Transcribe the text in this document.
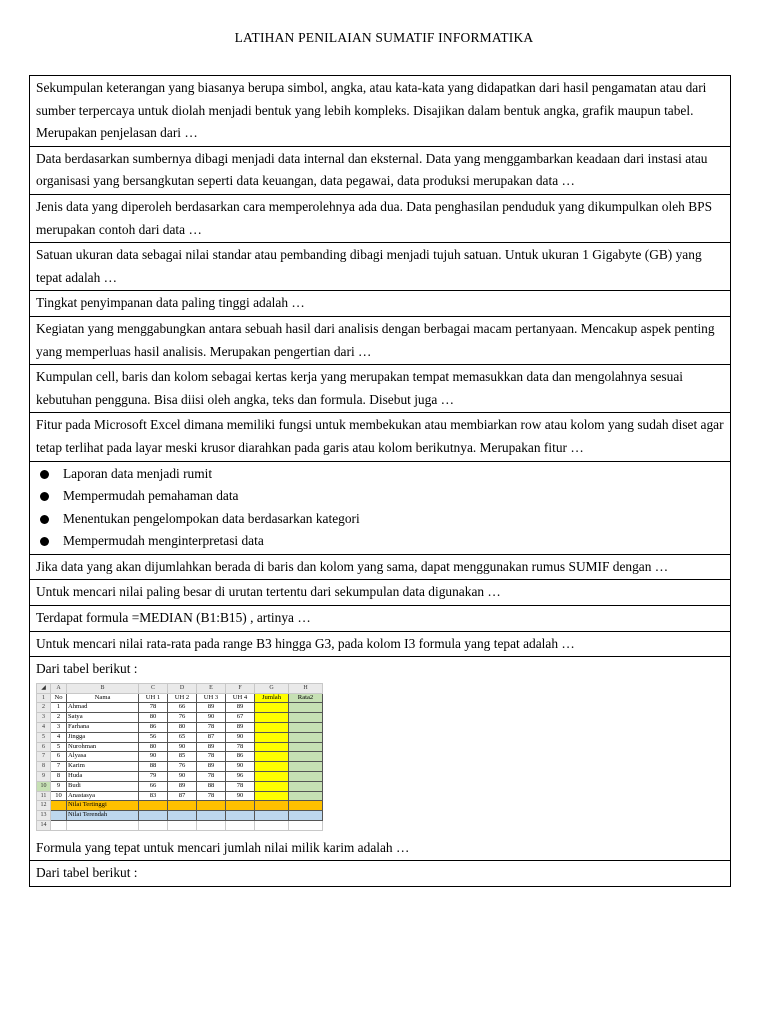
LATIHAN PENILAIAN SUMATIF INFORMATIKA
Sekumpulan keterangan yang biasanya berupa simbol, angka, atau kata-kata yang didapatkan dari hasil pengamatan atau dari sumber terpercaya untuk diolah menjadi bentuk yang lebih kompleks. Disajikan dalam bentuk angka, grafik maupun tabel. Merupakan penjelasan dari …
Data berdasarkan sumbernya dibagi menjadi data internal dan eksternal. Data yang menggambarkan keadaan dari instasi atau organisasi yang bersangkutan seperti data keuangan, data pegawai, data produksi merupakan data …
Jenis data yang diperoleh berdasarkan cara memperolehnya ada dua. Data penghasilan penduduk yang dikumpulkan oleh BPS merupakan contoh dari data …
Satuan ukuran data sebagai nilai standar atau pembanding dibagi menjadi tujuh satuan. Untuk ukuran 1 Gigabyte (GB) yang tepat adalah …
Tingkat penyimpanan data paling tinggi adalah …
Kegiatan yang menggabungkan antara sebuah hasil dari analisis dengan berbagai macam pertanyaan. Mencakup aspek penting yang memperluas hasil analisis. Merupakan pengertian dari …
Kumpulan cell, baris dan kolom sebagai kertas kerja yang merupakan tempat memasukkan data dan mengolahnya sesuai kebutuhan pengguna. Bisa diisi oleh angka, teks dan formula. Disebut juga …
Fitur pada Microsoft Excel dimana memiliki fungsi untuk membekukan atau membiarkan row atau kolom yang sudah diset agar tetap terlihat pada layar meski krusor diarahkan pada garis atau kolom berikutnya. Merupakan fitur …
Laporan data menjadi rumit
Mempermudah pemahaman data
Menentukan pengelompokan data berdasarkan kategori
Mempermudah menginterpretasi data
Jika data yang akan dijumlahkan berada di baris dan kolom yang sama, dapat menggunakan rumus SUMIF dengan …
Untuk mencari nilai paling besar di urutan tertentu dari sekumpulan data digunakan …
Terdapat formula =MEDIAN (B1:B15) , artinya …
Untuk mencari nilai rata-rata pada range B3 hingga G3, pada kolom I3 formula yang tepat adalah …
Dari tabel berikut :
◢	A	B	C	D	E	F	G	H
1	No	Nama	UH 1	UH 2	UH 3	UH 4	Jumlah	Rata2
2	1	Ahmad	78	66	89	89		
3	2	Satya	80	76	90	67		
4	3	Farhana	86	80	78	89		
5	4	Jingga	56	65	87	90		
6	5	Nurohman	80	90	89	78		
7	6	Alyasa	90	85	78	86		
8	7	Karim	88	76	89	90		
9	8	Huda	79	90	78	96		
10	9	Budi	66	89	88	78		
11	10	Anastasya	83	87	78	90		
12		Nilai Tertinggi						
13		Nilai Terendah						
14								
Formula yang tepat untuk mencari jumlah nilai milik karim adalah …
Dari tabel berikut :
